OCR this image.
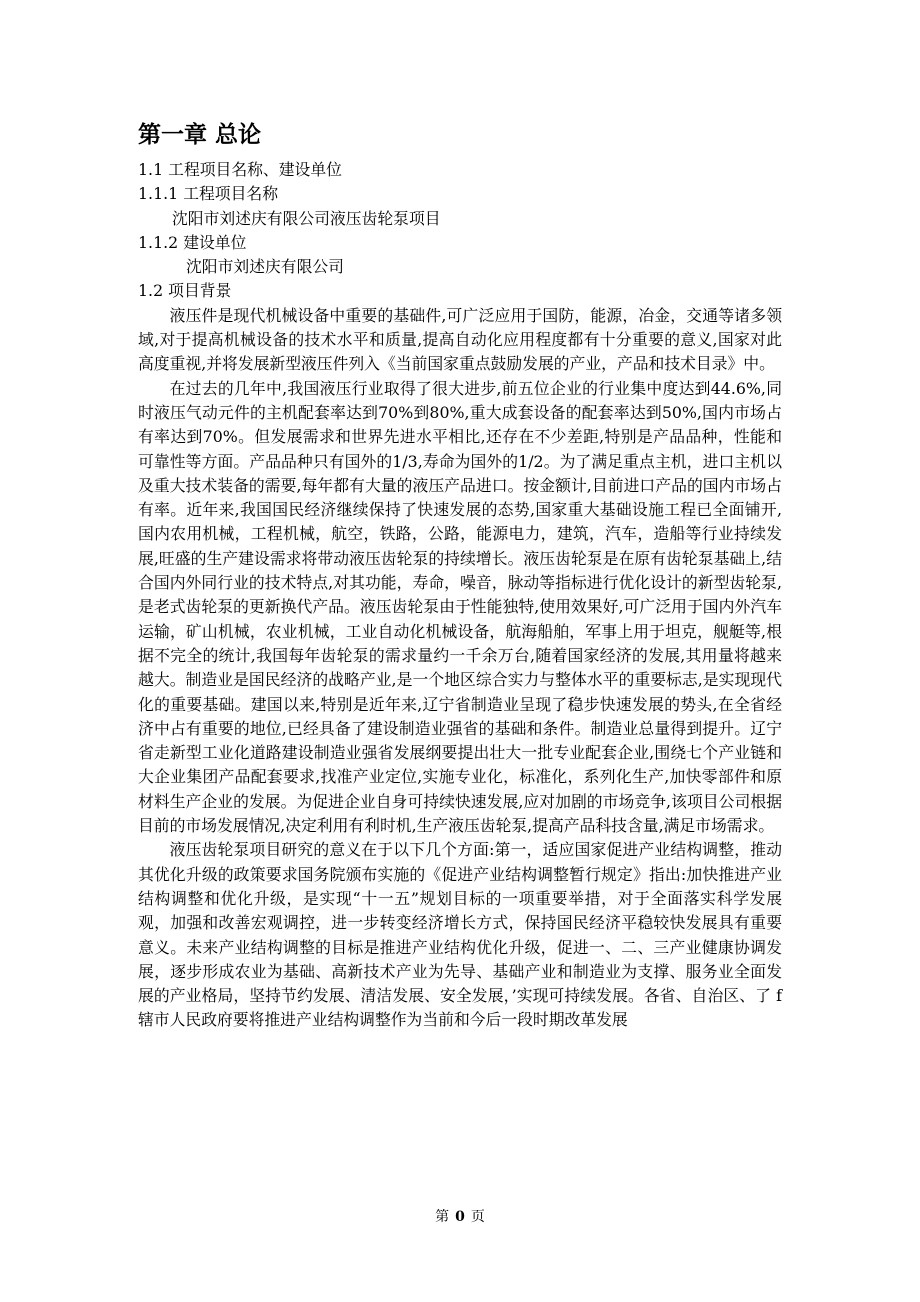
第一章 总论

1.1 工程项目名称、建设单位

1.1.1 工程项目名称

沈阳市刘述庆有限公司液压齿轮泵项目

1.1.2 建设单位

沈阳市刘述庆有限公司

1.2 项目背景

液压件是现代机械设备中重要的基础件,可广泛应用于国防，能源，冶金，交通等诸多领域,对于提高机械设备的技术水平和质量,提高自动化应用程度都有十分重要的意义,国家对此高度重视,并将发展新型液压件列入《当前国家重点鼓励发展的产业，产品和技术目录》中。

在过去的几年中,我国液压行业取得了很大进步,前五位企业的行业集中度达到44.6%,同时液压气动元件的主机配套率达到70%到80%,重大成套设备的配套率达到50%,国内市场占有率达到70%。但发展需求和世界先进水平相比,还存在不少差距,特别是产品品种，性能和可靠性等方面。产品品种只有国外的1/3,寿命为国外的1/2。为了满足重点主机，进口主机以及重大技术装备的需要,每年都有大量的液压产品进口。按金额计,目前进口产品的国内市场占有率。近年来,我国国民经济继续保持了快速发展的态势,国家重大基础设施工程已全面铺开,国内农用机械，工程机械，航空，铁路，公路，能源电力，建筑，汽车，造船等行业持续发展,旺盛的生产建设需求将带动液压齿轮泵的持续增长。液压齿轮泵是在原有齿轮泵基础上,结合国内外同行业的技术特点,对其功能，寿命，噪音，脉动等指标进行优化设计的新型齿轮泵,是老式齿轮泵的更新换代产品。液压齿轮泵由于性能独特,使用效果好,可广泛用于国内外汽车运输，矿山机械，农业机械，工业自动化机械设备，航海船舶，军事上用于坦克，舰艇等,根据不完全的统计,我国每年齿轮泵的需求量约一千余万台,随着国家经济的发展,其用量将越来越大。制造业是国民经济的战略产业,是一个地区综合实力与整体水平的重要标志,是实现现代化的重要基础。建国以来,特别是近年来,辽宁省制造业呈现了稳步快速发展的势头,在全省经济中占有重要的地位,已经具备了建设制造业强省的基础和条件。制造业总量得到提升。辽宁省走新型工业化道路建设制造业强省发展纲要提出壮大一批专业配套企业,围绕七个产业链和大企业集团产品配套要求,找准产业定位,实施专业化，标准化，系列化生产,加快零部件和原材料生产企业的发展。为促进企业自身可持续快速发展,应对加剧的市场竞争,该项目公司根据目前的市场发展情况,决定利用有利时机,生产液压齿轮泵,提高产品科技含量,满足市场需求。

液压齿轮泵项目研究的意义在于以下几个方面:第一，适应国家促进产业结构调整，推动其优化升级的政策要求国务院颁布实施的《促进产业结构调整暂行规定》指出:加快推进产业结构调整和优化升级，是实现“十一五”规划目标的一项重要举措，对于全面落实科学发展观，加强和改善宏观调控，进一步转变经济增长方式，保持国民经济平稳较快发展具有重要意义。未来产业结构调整的目标是推进产业结构优化升级，促进一、二、三产业健康协调发展，逐步形成农业为基础、高新技术产业为先导、基础产业和制造业为支撑、服务业全面发展的产业格局，坚持节约发展、清洁发展、安全发展，’实现可持续发展。各省、自治区、了 f 辖市人民政府要将推进产业结构调整作为当前和今后一段时期改革发展

第 0 页
